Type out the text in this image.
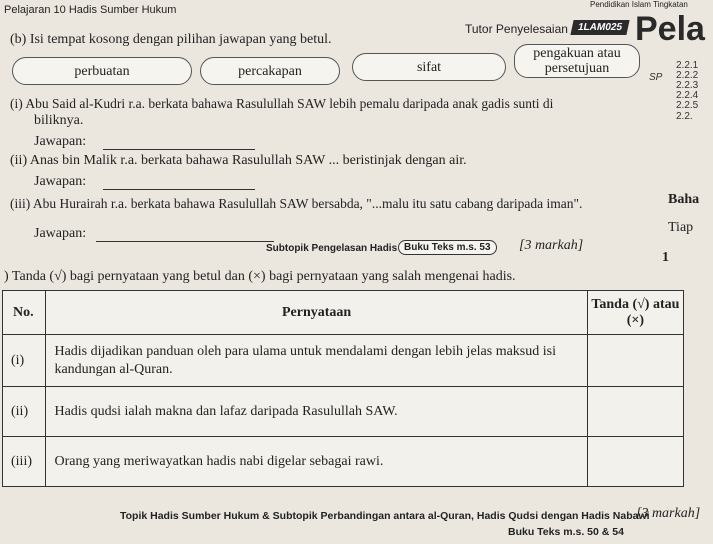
Pelajaran 10 Hadis Sumber Hukum	Pendidikan Islam Tingkatan
Tutor Penyelesaian 1LAM025 Pela
(b) Isi tempat kosong dengan pilihan jawapan yang betul.
perbuatan	percakapan	sifat
pengakuan atau persetujuan
SP
2.2.1
2.2.2
2.2.3
2.2.4
2.2.5
2.2.
(i) Abu Said al-Kudri r.a. berkata bahawa Rasulullah SAW lebih pemalu daripada anak gadis sunti di
biliknya.
Jawapan:
(ii) Anas bin Malik r.a. berkata bahawa Rasulullah SAW ... beristinjak dengan air.
Jawapan:
(iii) Abu Hurairah r.a. berkata bahawa Rasulullah SAW bersabda, "...malu itu satu cabang daripada iman".
Jawapan:
Subtopik Pengelasan Hadis Buku Teks m.s. 53	[3 markah]
Baha
Tiap
1
) Tanda (√) bagi pernyataan yang betul dan (×) bagi pernyataan yang salah mengenai hadis.
No.	Pernyataan	Tanda (√) atau (×)
(i)	Hadis dijadikan panduan oleh para ulama untuk mendalami dengan lebih jelas maksud isi kandungan al-Quran.	
(ii)	Hadis qudsi ialah makna dan lafaz daripada Rasulullah SAW.	
(iii)	Orang yang meriwayatkan hadis nabi digelar sebagai rawi.	
Topik Hadis Sumber Hukum & Subtopik Perbandingan antara al-Quran, Hadis Qudsi dengan Hadis Nabawi
[3 markah]
Buku Teks m.s. 50 & 54
